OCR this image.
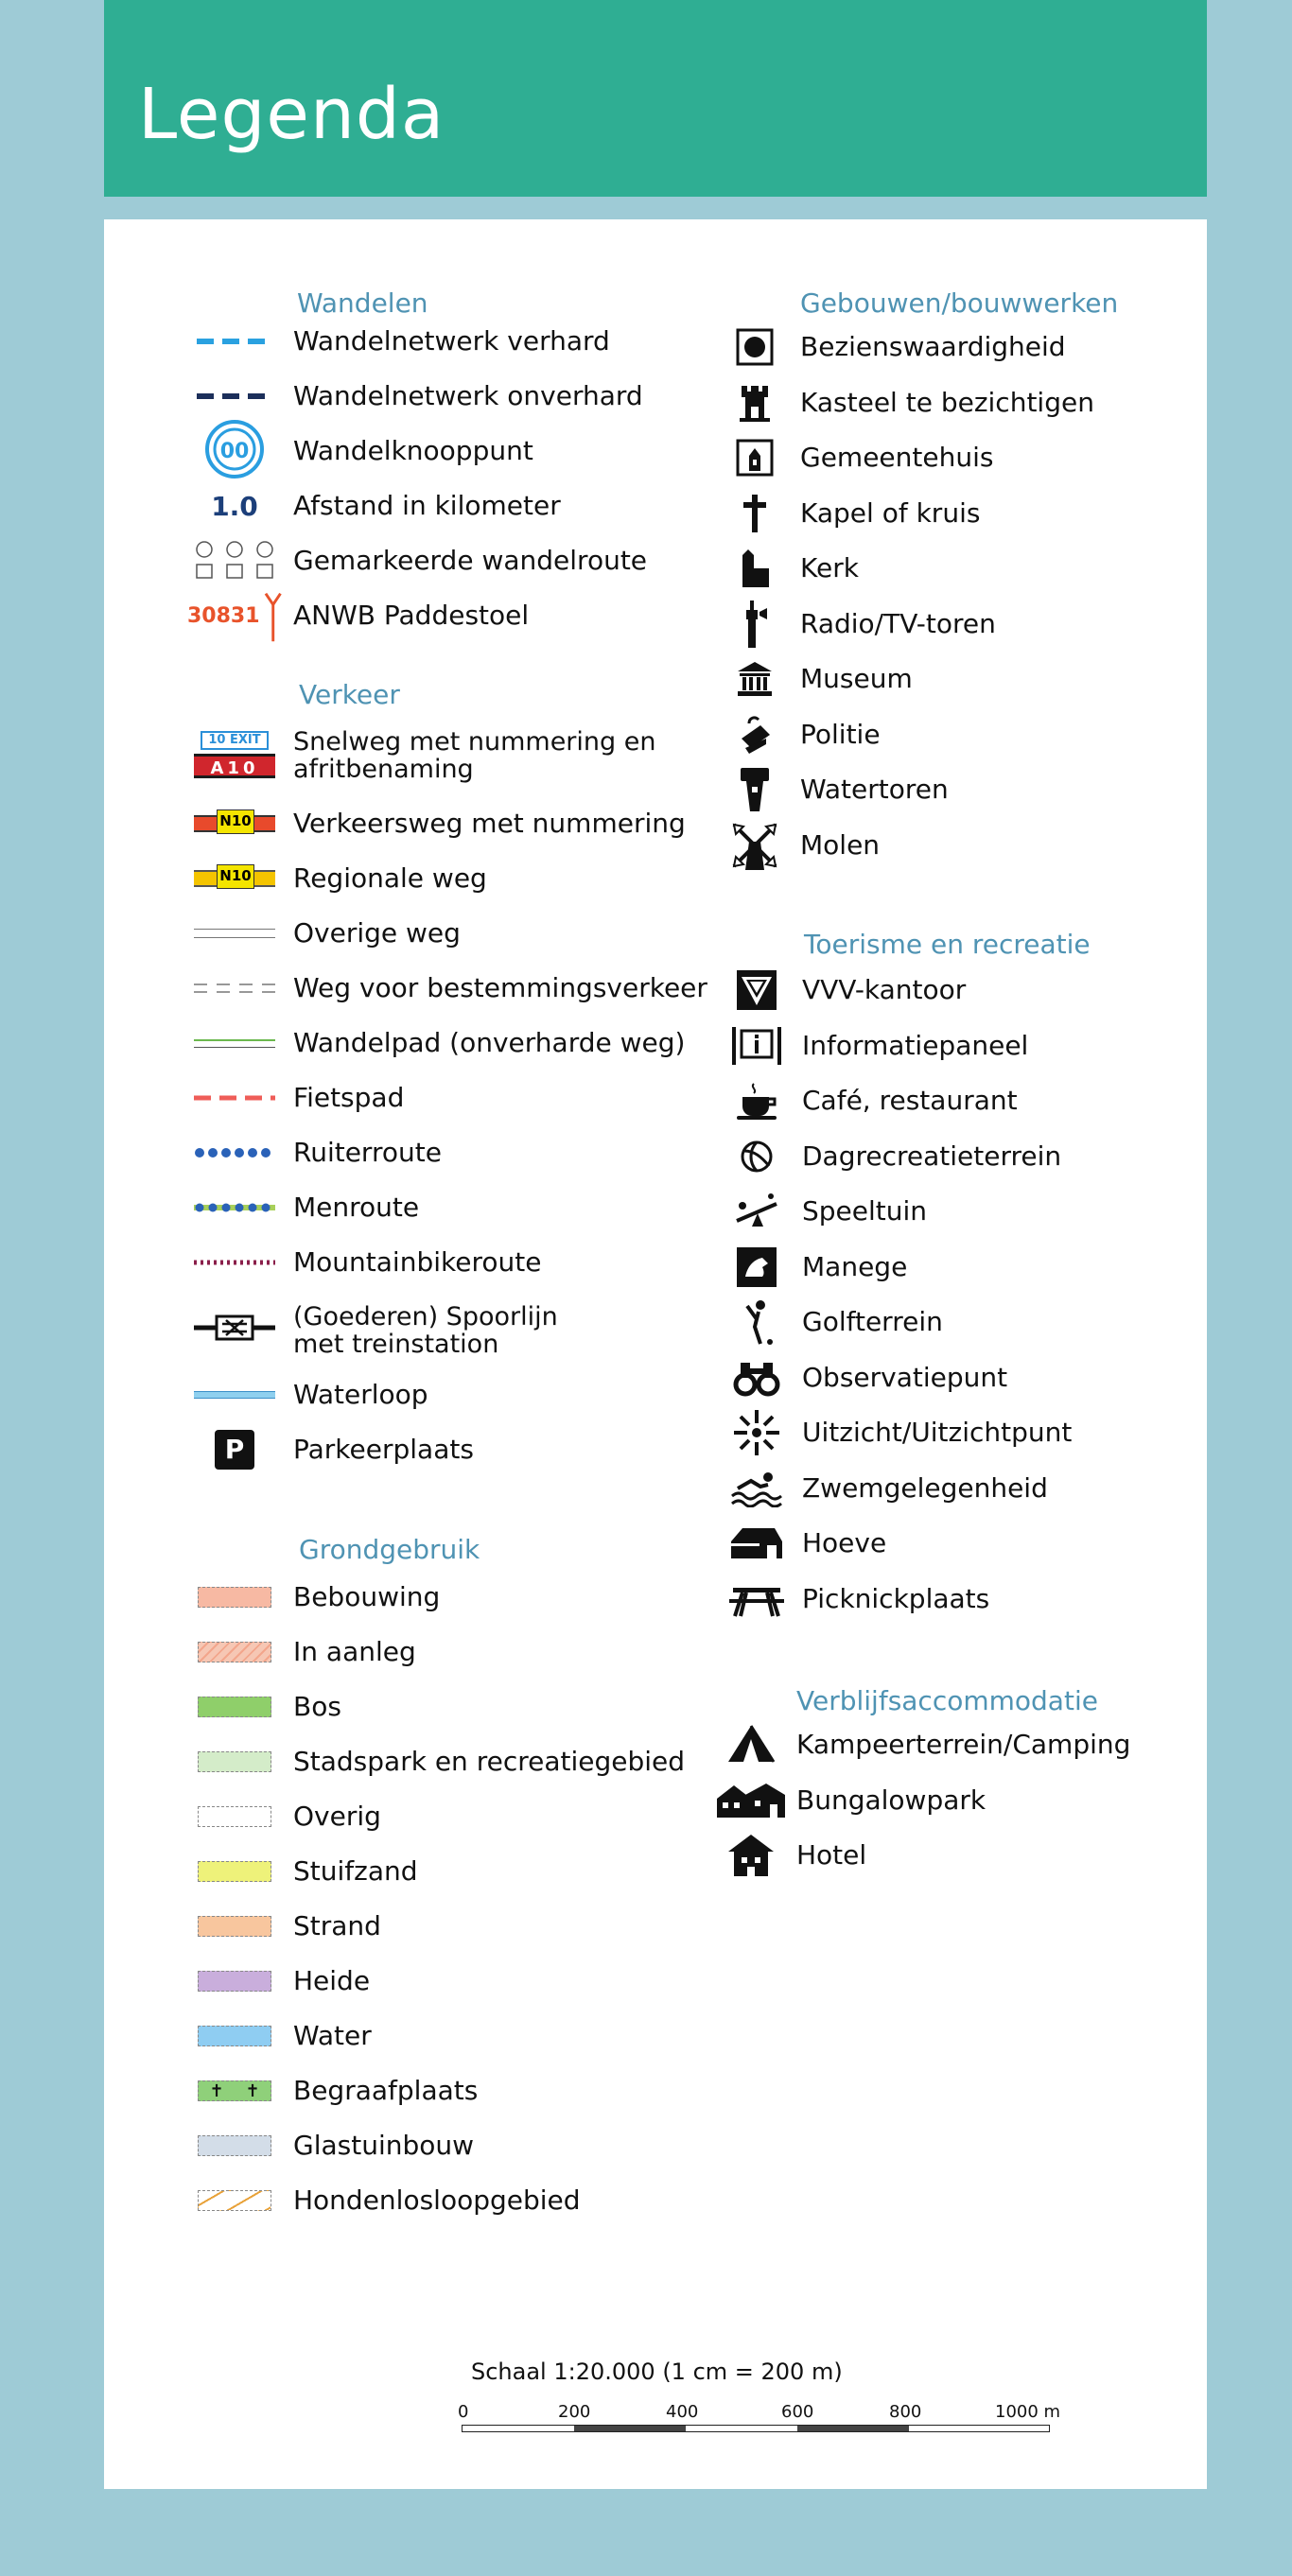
Legenda
Wandelen
Wandelnetwerk verhard
Wandelnetwerk onverhard
00 Wandelknooppunt
1.0 Afstand in kilometer
Gemarkeerde wandelroute
30831 ANWB Paddestoel
Verkeer
10 EXIT
A10
Snelweg met nummering en
afritbenaming
N10 Verkeersweg met nummering
N10 Regionale weg
Overige weg
Weg voor bestemmingsverkeer
Wandelpad (onverharde weg)
Fietspad
Ruiterroute
Menroute
Mountainbikeroute
(Goederen) Spoorlijn
met treinstation
Waterloop
P	Parkeerplaats
Grondgebruik
Bebouwing
In aanleg
Bos
Stadspark en recreatiegebied
Overig
Stuifzand
Strand
Heide
Water
✝ ✝ Begraafplaats
Glastuinbouw
Hondenlosloopgebied
Gebouwen/bouwwerken
Bezienswaardigheid
Kasteel te bezichtigen
Gemeentehuis
Kapel of kruis
Kerk
Radio/TV-toren
Museum
Politie
Watertoren
Molen
Toerisme en recreatie
VVV-kantoor
Informatiepaneel
Café, restaurant
Dagrecreatieterrein
Speeltuin
Manege
Golfterrein
Observatiepunt
Uitzicht/Uitzichtpunt
Zwemgelegenheid
Hoeve
Picknickplaats
Verblijfsaccommodatie
Kampeerterrein/Camping
Bungalowpark
Hotel
Schaal 1:20.000 (1 cm = 200 m)
0	200	400	600	800	1000 m
